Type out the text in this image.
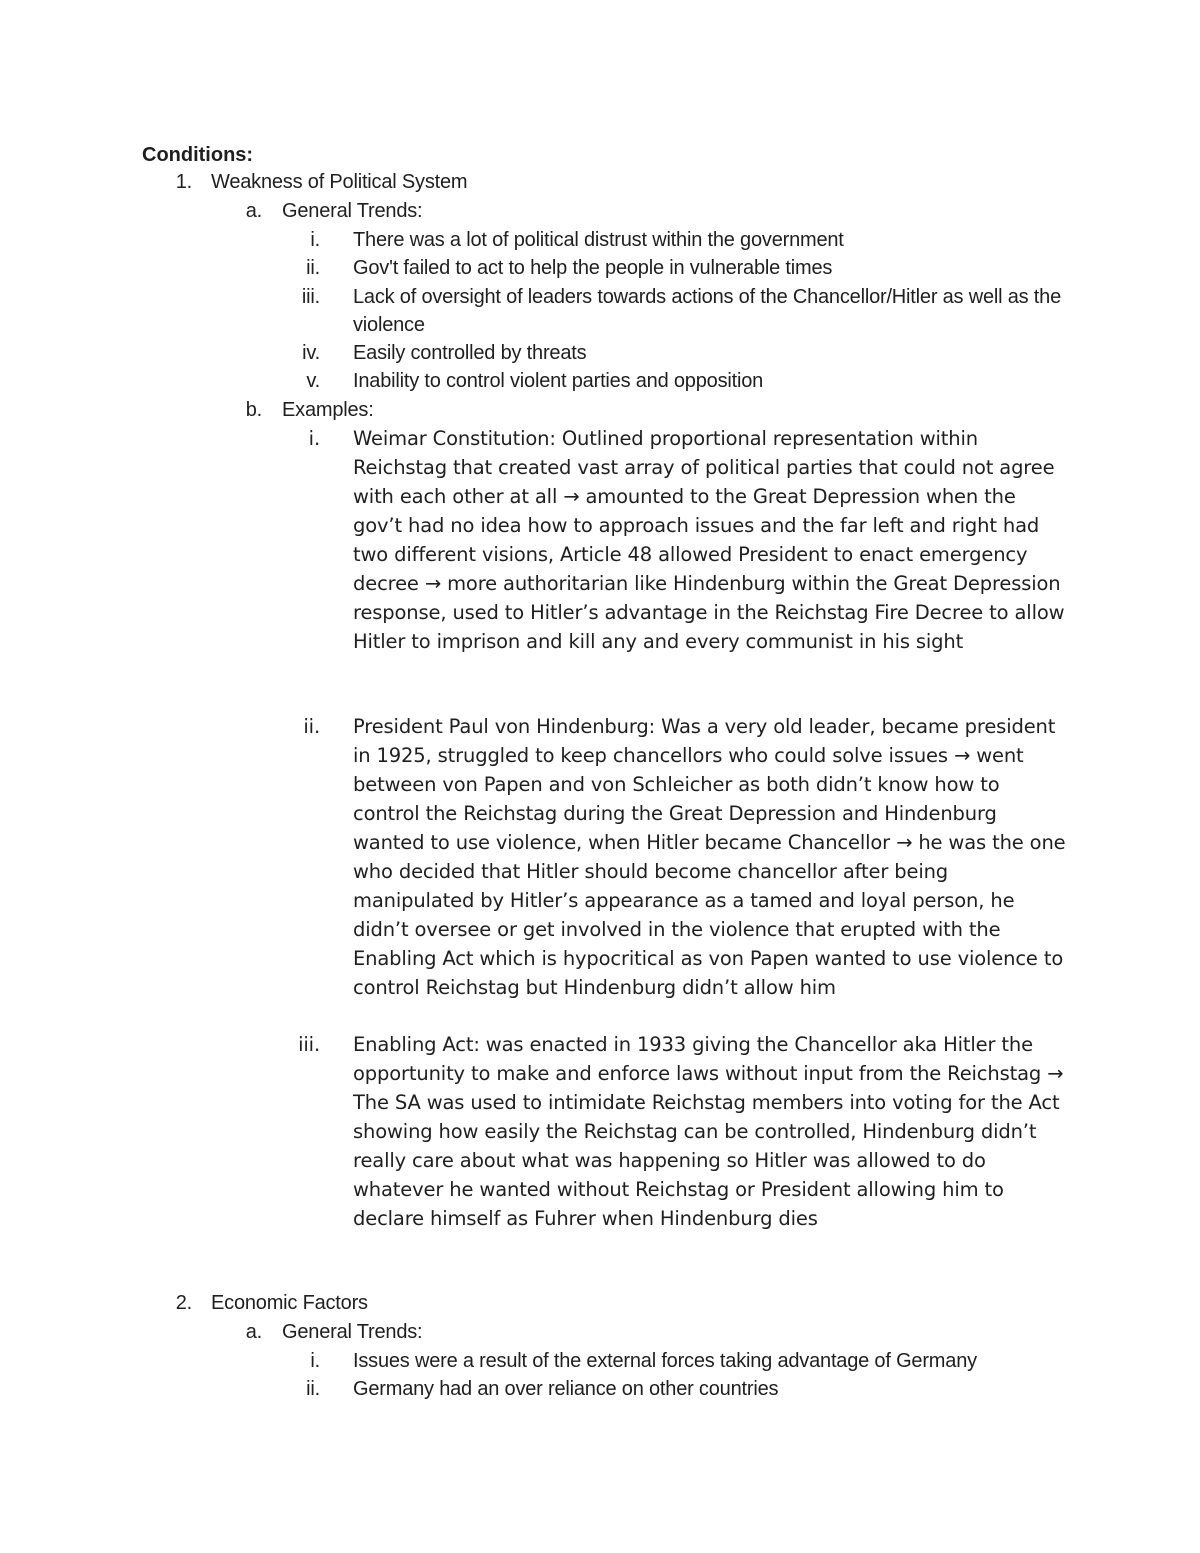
Conditions:
1. Weakness of Political System
a. General Trends:
i. There was a lot of political distrust within the government
ii. Gov't failed to act to help the people in vulnerable times
iii. Lack of oversight of leaders towards actions of the Chancellor/Hitler as well as the violence
iv. Easily controlled by threats
v. Inability to control violent parties and opposition
b. Examples:
i. Weimar Constitution: Outlined proportional representation within Reichstag that created vast array of political parties that could not agree with each other at all → amounted to the Great Depression when the gov’t had no idea how to approach issues and the far left and right had two different visions, Article 48 allowed President to enact emergency decree → more authoritarian like Hindenburg within the Great Depression response, used to Hitler’s advantage in the Reichstag Fire Decree to allow Hitler to imprison and kill any and every communist in his sight
ii. President Paul von Hindenburg: Was a very old leader, became president in 1925, struggled to keep chancellors who could solve issues → went between von Papen and von Schleicher as both didn’t know how to control the Reichstag during the Great Depression and Hindenburg wanted to use violence, when Hitler became Chancellor → he was the one who decided that Hitler should become chancellor after being manipulated by Hitler’s appearance as a tamed and loyal person, he didn’t oversee or get involved in the violence that erupted with the Enabling Act which is hypocritical as von Papen wanted to use violence to control Reichstag but Hindenburg didn’t allow him
iii. Enabling Act: was enacted in 1933 giving the Chancellor aka Hitler the opportunity to make and enforce laws without input from the Reichstag → The SA was used to intimidate Reichstag members into voting for the Act showing how easily the Reichstag can be controlled, Hindenburg didn’t really care about what was happening so Hitler was allowed to do whatever he wanted without Reichstag or President allowing him to declare himself as Fuhrer when Hindenburg dies
2. Economic Factors
a. General Trends:
i. Issues were a result of the external forces taking advantage of Germany
ii. Germany had an over reliance on other countries
